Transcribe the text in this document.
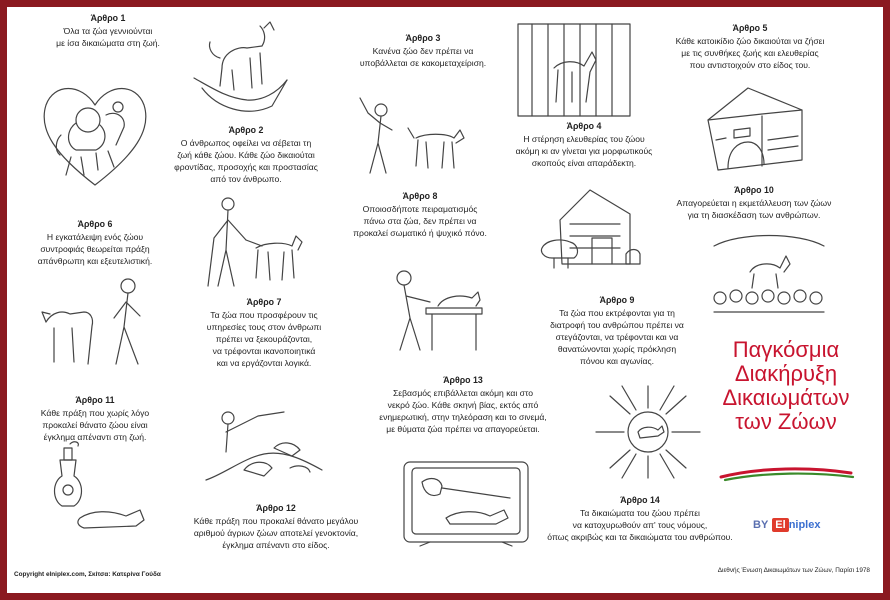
Άρθρο 1

Όλα τα ζώα γεννιούνται

με ίσα δικαιώματα στη ζωή.

Άρθρο 2

Ο άνθρωπος οφείλει να σέβεται τη

ζωή κάθε ζώου. Κάθε ζώο δικαιούται

φροντίδας, προσοχής και προστασίας

από τον άνθρωπο.

Άρθρο 3

Κανένα ζώο δεν πρέπει να

υποβάλλεται σε κακομεταχείριση.

Άρθρο 4

Η στέρηση ελευθερίας του ζώου

ακόμη κι αν γίνεται για μορφωτικούς

σκοπούς είναι απαράδεκτη.

Άρθρο 5

Κάθε κατοικίδιο ζώο δικαιούται να ζήσει

με τις συνθήκες ζωής και ελευθερίας

που αντιστοιχούν στο είδος του.

Άρθρο 6

Η εγκατάλειψη ενός ζώου

συντροφιάς θεωρείται πράξη

απάνθρωπη και εξευτελιστική.

Άρθρο 7

Τα ζώα που προσφέρουν τις

υπηρεσίες τους στον άνθρωπι

πρέπει να ξεκουράζονται,

να τρέφονται ικανοποιητικά

και να εργάζονται λογικά.

Άρθρο 8

Οποιοσδήποτε πειραματισμός

πάνω στα ζώα, δεν πρέπει να

προκαλεί σωματικό ή ψυχικό πόνο.

Άρθρο 9

Τα ζώα που εκτρέφονται για τη

διατροφή του ανθρώπου πρέπει να

στεγάζονται, να τρέφονται και να

θανατώνονται χωρίς πρόκληση

πόνου και αγωνίας.

Άρθρο 10

Απαγορεύεται η εκμετάλλευση των ζώων

για τη διασκέδαση των ανθρώπων.

Άρθρο 11

Κάθε πράξη που χωρίς λόγο

προκαλεί θάνατο ζώου είναι

έγκλημα απέναντι στη ζωή.

Άρθρο 12

Κάθε πράξη που προκαλεί θάνατο μεγάλου

αριθμού άγριων ζώων αποτελεί γενοκτονία,

έγκλημα απέναντι στο είδος.

Άρθρο 13

Σεβασμός επιβάλλεται ακόμη και στο

νεκρό ζώο. Κάθε σκηνή βίας, εκτός από

ενημερωτική, στην τηλεόραση και το σινεμά,

με θύματα ζώα πρέπει να απαγορεύεται.

Άρθρο 14

Τα δικαιώματα του ζώου πρέπει

να κατοχυρωθούν απ' τους νόμους,

όπως ακριβώς και τα δικαιώματα του ανθρώπου.

Παγκόσμια
Διακήρυξη
Δικαιωμάτων
των Ζώων
BY El niplex
Copyright elniplex.com, Σκίτσα: Κατερίνα Γούδα
Διεθνής Ένωση Δικαιωμάτων των Ζώων, Παρίσι 1978
